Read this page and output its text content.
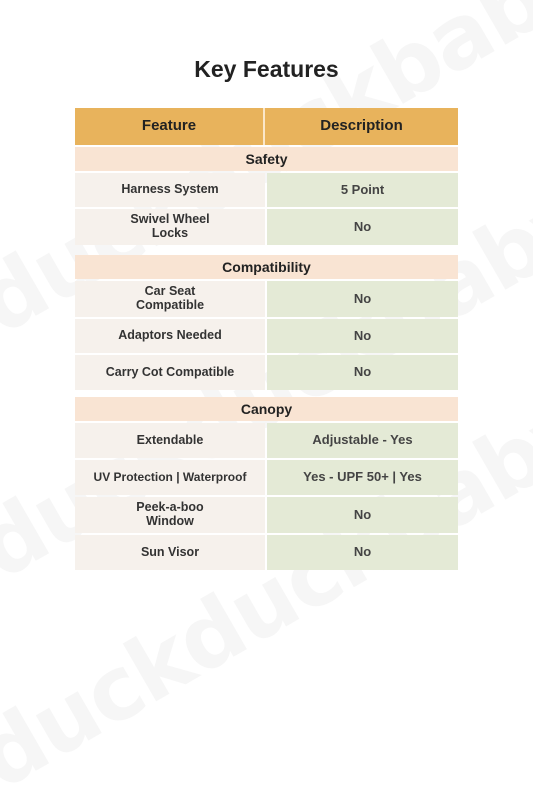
Key Features
Feature	Description
Safety
Harness System	5 Point
Swivel Wheel
Locks	No
Compatibility
Car Seat
Compatible	No
Adaptors Needed	No
Carry Cot Compatible	No
Canopy
Extendable	Adjustable - Yes
UV Protection | Waterproof	Yes - UPF 50+ | Yes
Peek-a-boo
Window	No
Sun Visor	No
